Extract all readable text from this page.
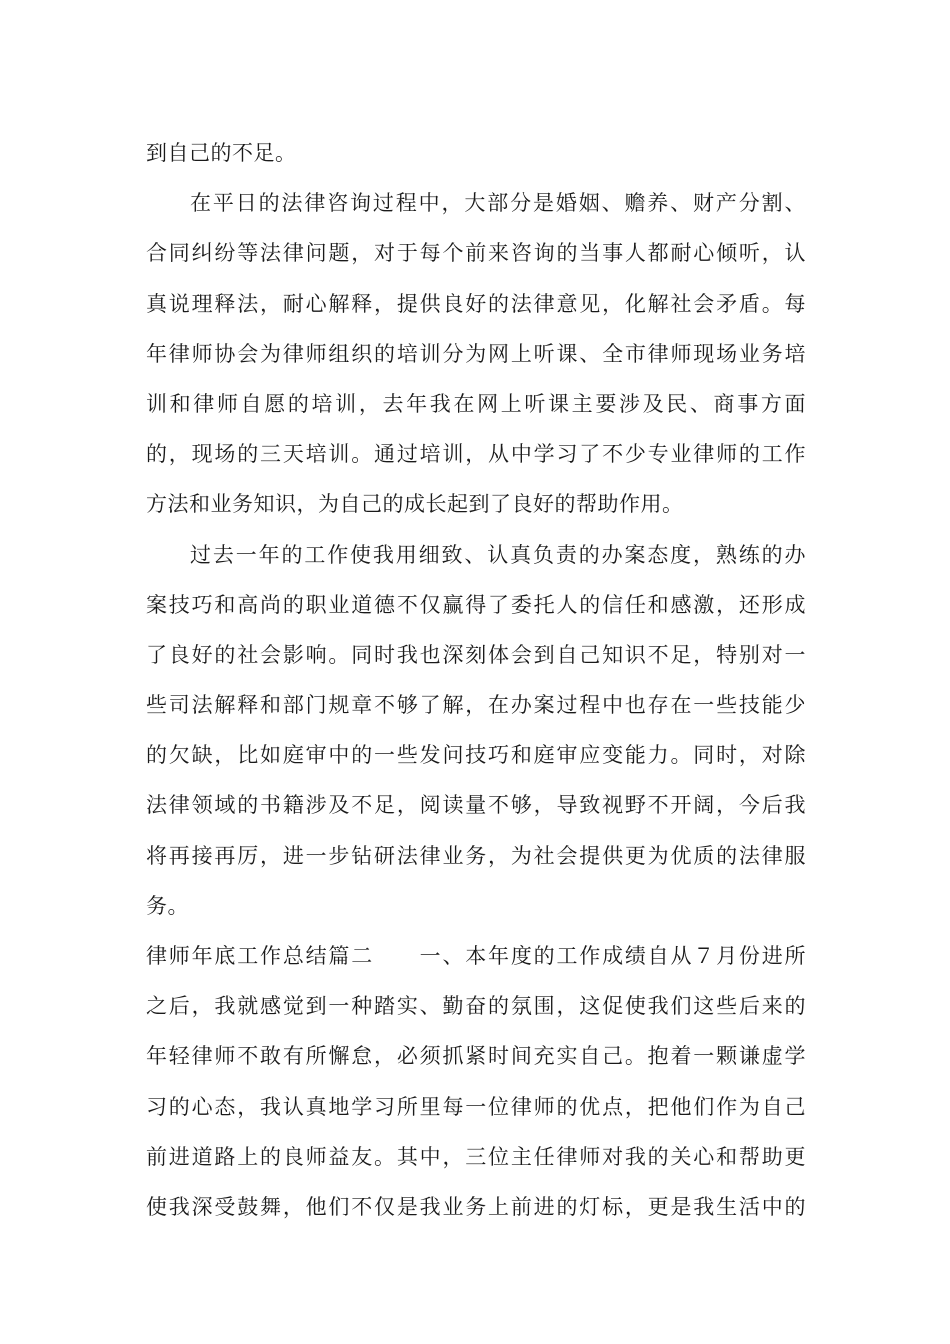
到自己的不足。
在平日的法律咨询过程中，大部分是婚姻、赡养、财产分割、
合同纠纷等法律问题，对于每个前来咨询的当事人都耐心倾听，认
真说理释法，耐心解释，提供良好的法律意见，化解社会矛盾。每
年律师协会为律师组织的培训分为网上听课、全市律师现场业务培
训和律师自愿的培训，去年我在网上听课主要涉及民、商事方面
的，现场的三天培训。通过培训，从中学习了不少专业律师的工作
方法和业务知识，为自己的成长起到了良好的帮助作用。
过去一年的工作使我用细致、认真负责的办案态度，熟练的办
案技巧和高尚的职业道德不仅赢得了委托人的信任和感激，还形成
了良好的社会影响。同时我也深刻体会到自己知识不足，特别对一
些司法解释和部门规章不够了解，在办案过程中也存在一些技能少
的欠缺，比如庭审中的一些发问技巧和庭审应变能力。同时，对除
法律领域的书籍涉及不足，阅读量不够，导致视野不开阔，今后我
将再接再厉，进一步钻研法律业务，为社会提供更为优质的法律服
务。
律师年底工作总结篇二　　一、本年度的工作成绩自从７月份进所
之后，我就感觉到一种踏实、勤奋的氛围，这促使我们这些后来的
年轻律师不敢有所懈怠，必须抓紧时间充实自己。抱着一颗谦虚学
习的心态，我认真地学习所里每一位律师的优点，把他们作为自己
前进道路上的良师益友。其中，三位主任律师对我的关心和帮助更
使我深受鼓舞，他们不仅是我业务上前进的灯标，更是我生活中的
